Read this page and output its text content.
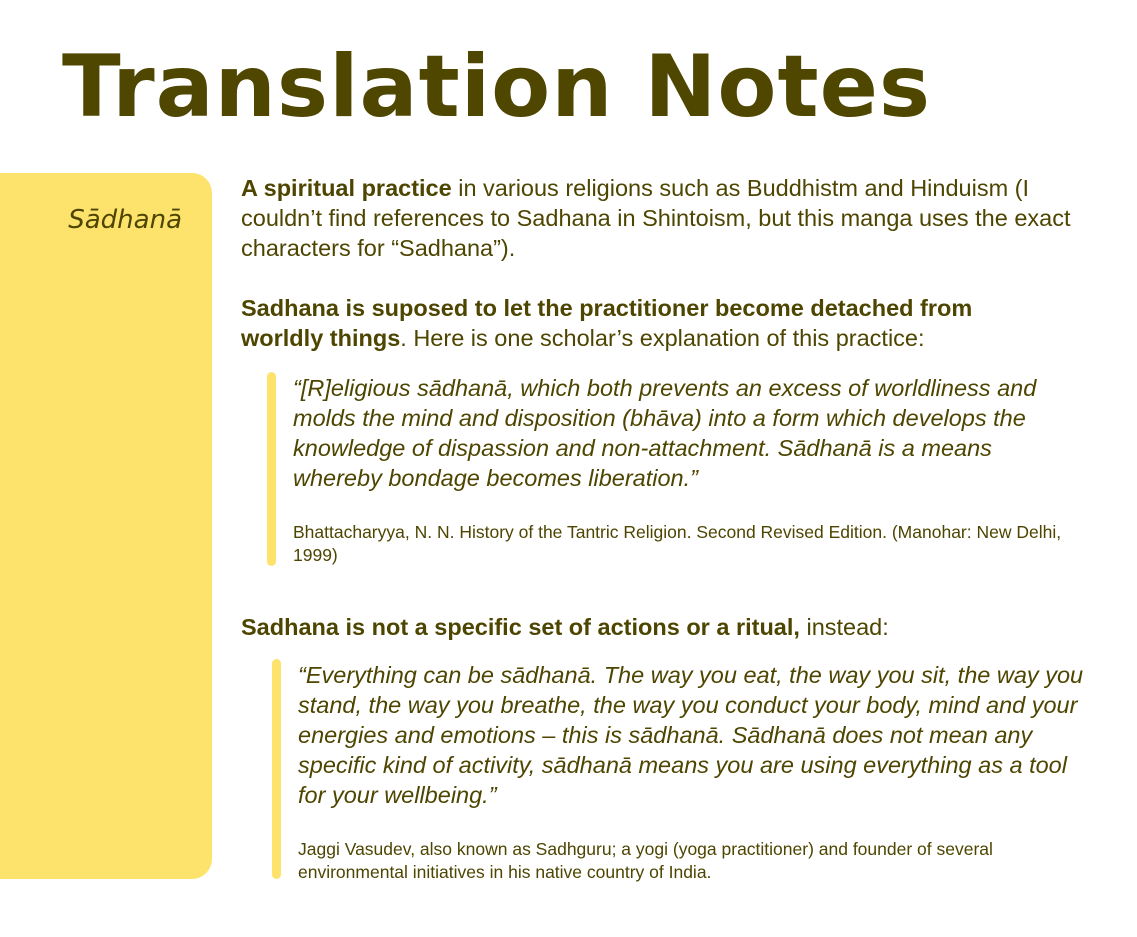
Translation Notes
Sādhanā

A spiritual practice in various religions such as Buddhistm and Hinduism (I couldn’t find references to Sadhana in Shintoism, but this manga uses the exact characters for “Sadhana”).

Sadhana is suposed to let the practitioner become detached from worldly things. Here is one scholar’s explanation of this practice:

“[R]eligious sādhanā, which both prevents an excess of worldliness and molds the mind and disposition (bhāva) into a form which develops the knowledge of dispassion and non-attachment. Sādhanā is a means whereby bondage becomes liberation.”
Bhattacharyya, N. N. History of the Tantric Religion. Second Revised Edition. (Manohar: New Delhi, 1999)

Sadhana is not a specific set of actions or a ritual, instead:

“Everything can be sādhanā. The way you eat, the way you sit, the way you stand, the way you breathe, the way you conduct your body, mind and your energies and emotions – this is sādhanā. Sādhanā does not mean any specific kind of activity, sādhanā means you are using everything as a tool for your wellbeing.”
Jaggi Vasudev, also known as Sadhguru; a yogi (yoga practitioner) and founder of several environmental initiatives in his native country of India.
